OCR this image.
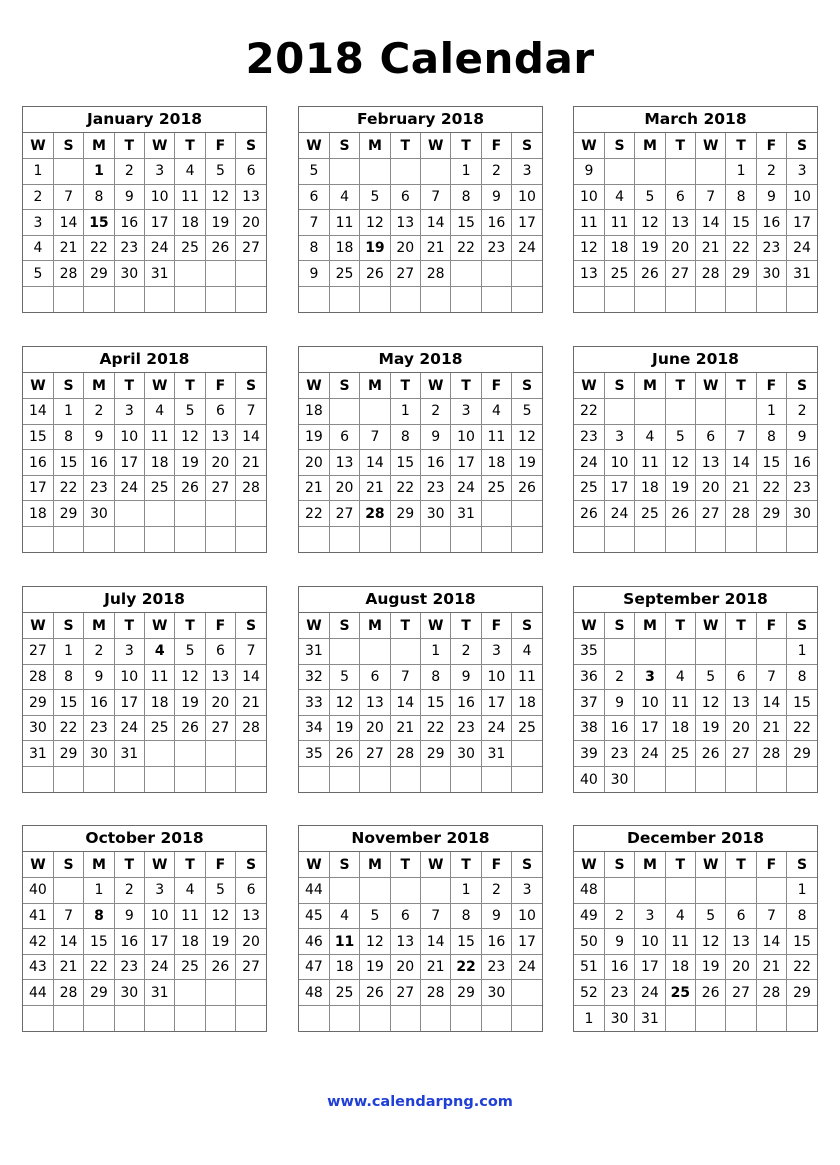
2018 Calendar
January 2018
W	S	M	T	W	T	F	S
1		1	2	3	4	5	6
2	7	8	9	10	11	12	13
3	14	15	16	17	18	19	20
4	21	22	23	24	25	26	27
5	28	29	30	31			

February 2018
W	S	M	T	W	T	F	S
5					1	2	3
6	4	5	6	7	8	9	10
7	11	12	13	14	15	16	17
8	18	19	20	21	22	23	24
9	25	26	27	28			

March 2018
W	S	M	T	W	T	F	S
9					1	2	3
10	4	5	6	7	8	9	10
11	11	12	13	14	15	16	17
12	18	19	20	21	22	23	24
13	25	26	27	28	29	30	31

April 2018
W	S	M	T	W	T	F	S
14	1	2	3	4	5	6	7
15	8	9	10	11	12	13	14
16	15	16	17	18	19	20	21
17	22	23	24	25	26	27	28
18	29	30					

May 2018
W	S	M	T	W	T	F	S
18			1	2	3	4	5
19	6	7	8	9	10	11	12
20	13	14	15	16	17	18	19
21	20	21	22	23	24	25	26
22	27	28	29	30	31		

June 2018
W	S	M	T	W	T	F	S
22						1	2
23	3	4	5	6	7	8	9
24	10	11	12	13	14	15	16
25	17	18	19	20	21	22	23
26	24	25	26	27	28	29	30

July 2018
W	S	M	T	W	T	F	S
27	1	2	3	4	5	6	7
28	8	9	10	11	12	13	14
29	15	16	17	18	19	20	21
30	22	23	24	25	26	27	28
31	29	30	31				

August 2018
W	S	M	T	W	T	F	S
31				1	2	3	4
32	5	6	7	8	9	10	11
33	12	13	14	15	16	17	18
34	19	20	21	22	23	24	25
35	26	27	28	29	30	31	

September 2018
W	S	M	T	W	T	F	S
35							1
36	2	3	4	5	6	7	8
37	9	10	11	12	13	14	15
38	16	17	18	19	20	21	22
39	23	24	25	26	27	28	29
40	30						
October 2018
W	S	M	T	W	T	F	S
40		1	2	3	4	5	6
41	7	8	9	10	11	12	13
42	14	15	16	17	18	19	20
43	21	22	23	24	25	26	27
44	28	29	30	31			

November 2018
W	S	M	T	W	T	F	S
44					1	2	3
45	4	5	6	7	8	9	10
46	11	12	13	14	15	16	17
47	18	19	20	21	22	23	24
48	25	26	27	28	29	30	

December 2018
W	S	M	T	W	T	F	S
48							1
49	2	3	4	5	6	7	8
50	9	10	11	12	13	14	15
51	16	17	18	19	20	21	22
52	23	24	25	26	27	28	29
1	30	31					
www.calendarpng.com
